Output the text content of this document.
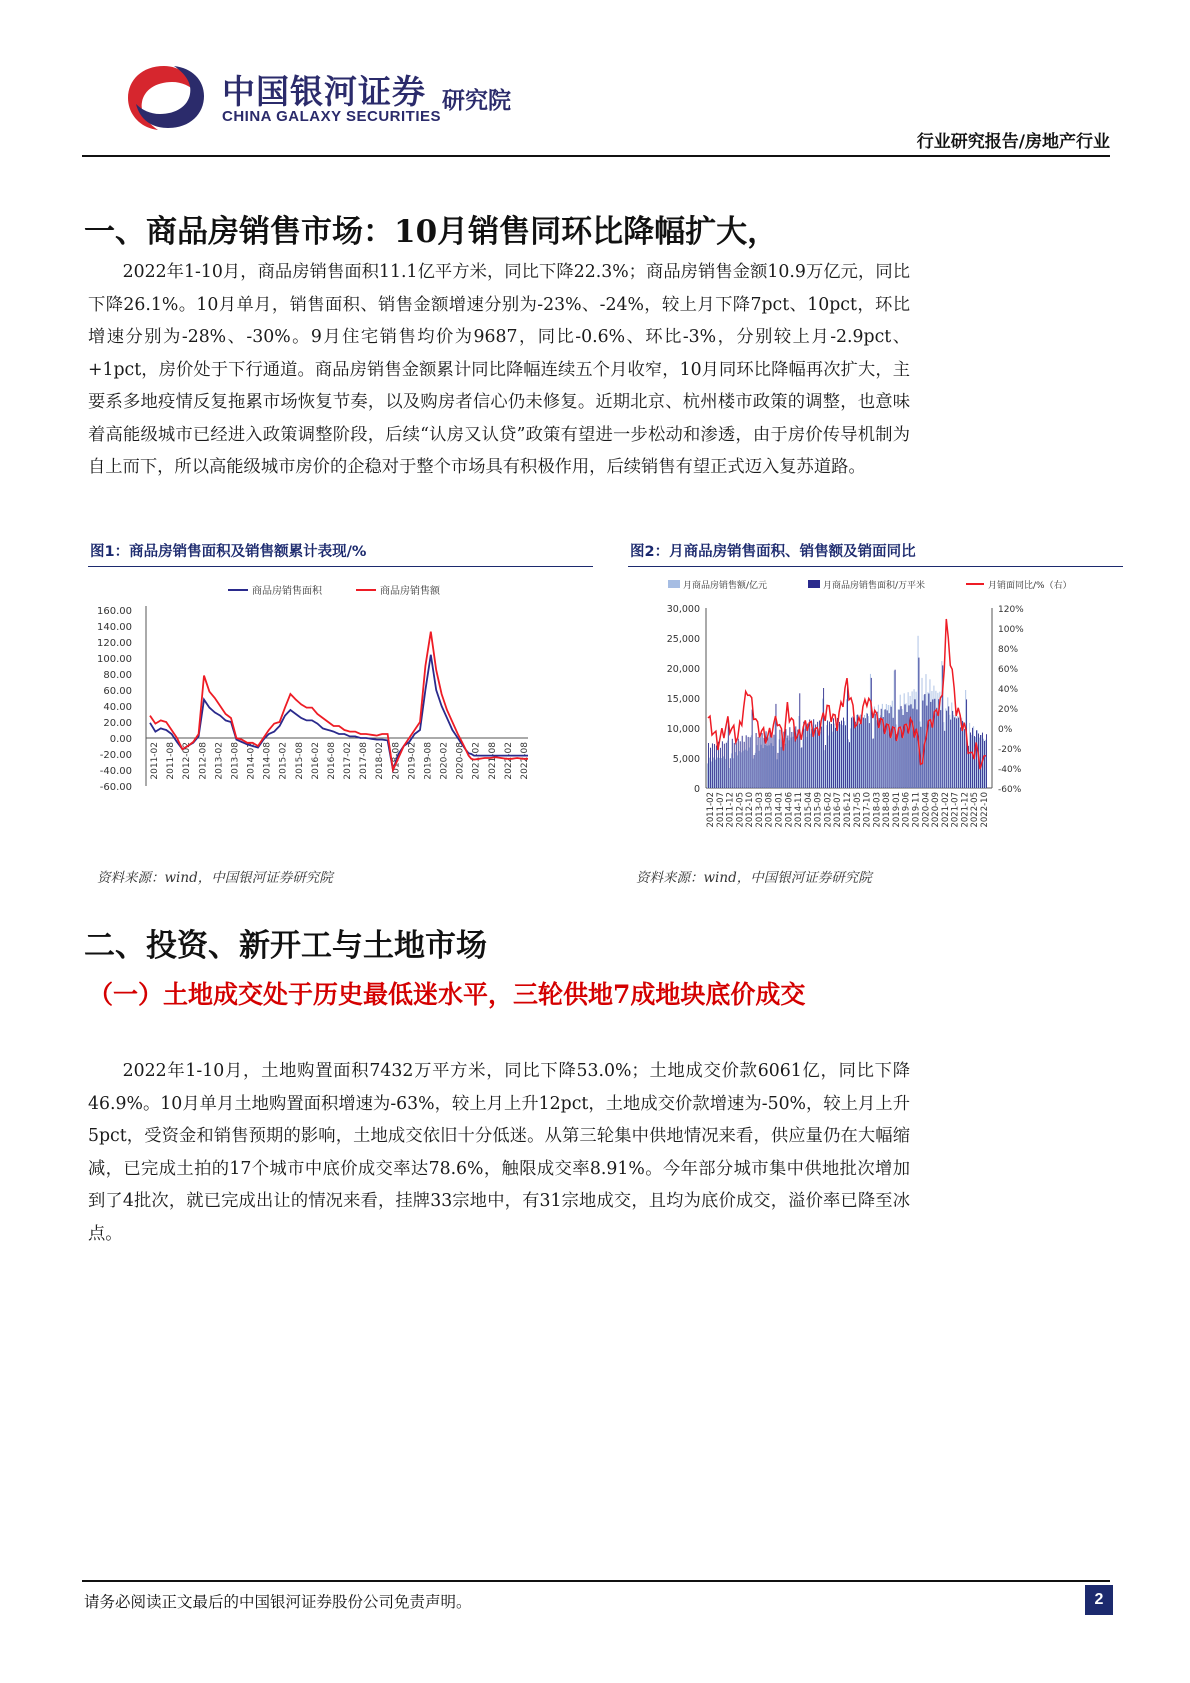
中国银河证券
CHINA GALAXY SECURITIES
研究院
行业研究报告/房地产行业
一、商品房销售市场：10月销售同环比降幅扩大，

2022年1-10月，商品房销售面积11.1亿平方米，同比下降22.3%；商品房销售金额10.9万亿元，同比下降26.1%。10月单月，销售面积、销售金额增速分别为-23%、-24%，较上月下降7pct、10pct，环比增速分别为-28%、-30%。9月住宅销售均价为9687，同比-0.6%、环比-3%，分别较上月-2.9pct、+1pct，房价处于下行通道。商品房销售金额累计同比降幅连续五个月收窄，10月同环比降幅再次扩大，主要系多地疫情反复拖累市场恢复节奏，以及购房者信心仍未修复。近期北京、杭州楼市政策的调整，也意味着高能级城市已经进入政策调整阶段，后续“认房又认贷”政策有望进一步松动和渗透，由于房价传导机制为自上而下，所以高能级城市房价的企稳对于整个市场具有积极作用，后续销售有望正式迈入复苏道路。

图1：商品房销售面积及销售额累计表现/%
商品房销售面积	商品房销售额
160.00
140.00
120.00
100.00
80.00
60.00
40.00
20.00
0.00
-20.00
-40.00
-60.00
2011-02 2011-08 2012-02 2012-08 2013-02 2013-08 2014-02 2014-08 2015-02 2015-08 2016-02 2016-08 2017-02 2017-08 2018-02 2018-08 2019-02 2019-08 2020-02 2020-08 2021-02 2021-08 2022-02 2022-08
资料来源：wind，中国银河证券研究院
图2：月商品房销售面积、销售额及销面同比
月商品房销售额/亿元	月商品房销售面积/万平米	月销面同比/%（右）
30,000
25,000
20,000
15,000
10,000
5,000
0
120%
100%
80%
60%
40%
20%
0%
-20%
-40%
-60%
2011-02 2011-07 2011-12 2012-05 2012-10 2013-03 2013-08 2014-01 2014-06 2014-11 2015-04 2015-09 2016-02 2016-07 2016-12 2017-05 2017-10 2018-03 2018-08 2019-01 2019-06 2019-11 2020-04 2020-09 2021-02 2021-07 2021-12 2022-05 2022-10
资料来源：wind，中国银河证券研究院
二、投资、新开工与土地市场
（一）土地成交处于历史最低迷水平，三轮供地7成地块底价成交

2022年1-10月，土地购置面积7432万平方米，同比下降53.0%；土地成交价款6061亿，同比下降46.9%。10月单月土地购置面积增速为-63%，较上月上升12pct，土地成交价款增速为-50%，较上月上升5pct，受资金和销售预期的影响，土地成交依旧十分低迷。从第三轮集中供地情况来看，供应量仍在大幅缩减，已完成土拍的17个城市中底价成交率达78.6%，触限成交率8.91%。今年部分城市集中供地批次增加到了4批次，就已完成出让的情况来看，挂牌33宗地中，有31宗地成交，且均为底价成交，溢价率已降至冰点。

请务必阅读正文最后的中国银河证券股份公司免责声明。	2
